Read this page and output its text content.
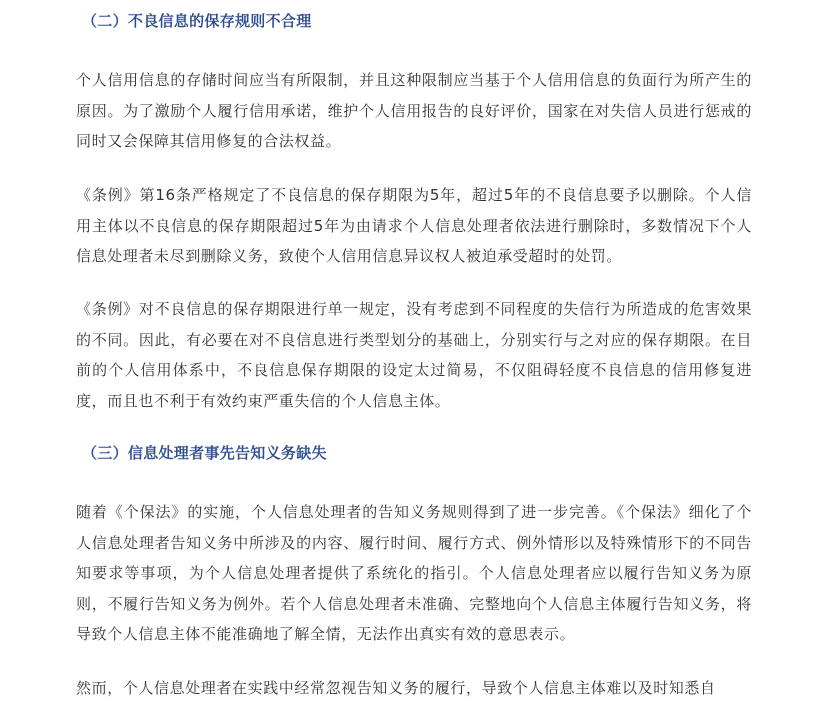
（二）不良信息的保存规则不合理

个人信用信息的存储时间应当有所限制，并且这种限制应当基于个人信用信息的负面行为所产生的原因。为了激励个人履行信用承诺，维护个人信用报告的良好评价，国家在对失信人员进行惩戒的同时又会保障其信用修复的合法权益。

《条例》第16条严格规定了不良信息的保存期限为5年，超过5年的不良信息要予以删除。个人信用主体以不良信息的保存期限超过5年为由请求个人信息处理者依法进行删除时，多数情况下个人信息处理者未尽到删除义务，致使个人信用信息异议权人被迫承受超时的处罚。

《条例》对不良信息的保存期限进行单一规定，没有考虑到不同程度的失信行为所造成的危害效果的不同。因此，有必要在对不良信息进行类型划分的基础上，分别实行与之对应的保存期限。在目前的个人信用体系中，不良信息保存期限的设定太过简易，不仅阻碍轻度不良信息的信用修复进度，而且也不利于有效约束严重失信的个人信息主体。

（三）信息处理者事先告知义务缺失

随着《个保法》的实施，个人信息处理者的告知义务规则得到了进一步完善。《个保法》细化了个人信息处理者告知义务中所涉及的内容、履行时间、履行方式、例外情形以及特殊情形下的不同告知要求等事项，为个人信息处理者提供了系统化的指引。个人信息处理者应以履行告知义务为原则，不履行告知义务为例外。若个人信息处理者未准确、完整地向个人信息主体履行告知义务，将导致个人信息主体不能准确地了解全情，无法作出真实有效的意思表示。

然而，个人信息处理者在实践中经常忽视告知义务的履行，导致个人信息主体难以及时知悉自
